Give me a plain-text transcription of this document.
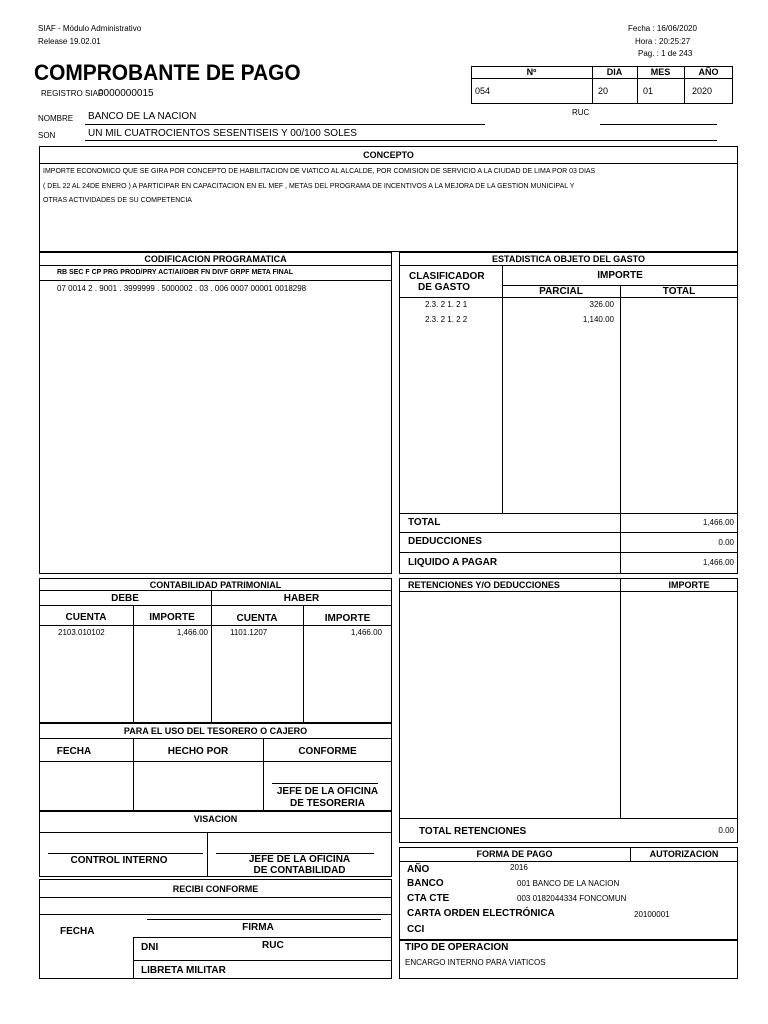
SIAF - Módulo Administrativo
Release 19.02.01
Fecha : 16/06/2020
Hora : 20:25:27
Pag. : 1 de 243
COMPROBANTE DE PAGO
REGISTRO SIAF
0000000015
Nº	DIA	MES	AÑO
054	20	01	2020
NOMBRE BANCO DE LA NACION	RUC
SON	UN MIL CUATROCIENTOS SESENTISEIS Y 00/100 SOLES
CONCEPTO
IMPORTE ECONOMICO QUE SE GIRA POR CONCEPTO DE HABILITACION DE VIATICO AL ALCALDE, POR COMISION DE SERVICIO A LA CIUDAD DE LIMA POR 03 DIAS
( DEL 22 AL 24DE ENERO ) A PARTICIPAR EN CAPACITACION EN EL MEF , METAS DEL PROGRAMA DE INCENTIVOS A LA MEJORA DE LA GESTION MUNICIPAL Y
OTRAS ACTIVIDADES DE SU COMPETENCIA
CODIFICACION PROGRAMATICA
RB SEC F CP PRG PROD/PRY ACT/AI/OBR FN DIVF GRPF META FINAL
07 0014 2 . 9001 . 3999999 . 5000002 . 03 . 006 0007 00001 0018298
ESTADISTICA OBJETO DEL GASTO
CLASIFICADOR
DE GASTO
IMPORTE
PARCIAL	TOTAL
2.3. 2 1. 2 1	326.00
2.3. 2 1. 2 2	1,140.00
TOTAL	1,466.00
DEDUCCIONES	0.00
LIQUIDO A PAGAR	1,466.00
CONTABILIDAD PATRIMONIAL
DEBE	HABER
CUENTA	IMPORTE	CUENTA	IMPORTE
2103.010102	1,466.00	1101.1207	1,466.00
RETENCIONES Y/O DEDUCCIONES	IMPORTE
TOTAL RETENCIONES	0.00
PARA EL USO DEL TESORERO O CAJERO
FECHA	HECHO POR	CONFORME
JEFE DE LA OFICINA
DE TESORERIA
VISACION
CONTROL INTERNO	JEFE DE LA OFICINA
DE CONTABILIDAD
RECIBI CONFORME
FIRMA
FECHA
DNI	RUC
LIBRETA MILITAR
FORMA DE PAGO	AUTORIZACION
AÑO	2016
BANCO	001 BANCO DE LA NACION
CTA CTE	003 0182044334 FONCOMUN
CARTA ORDEN ELECTRÓNICA	20100001
CCI
TIPO DE OPERACION
ENCARGO INTERNO PARA VIATICOS
